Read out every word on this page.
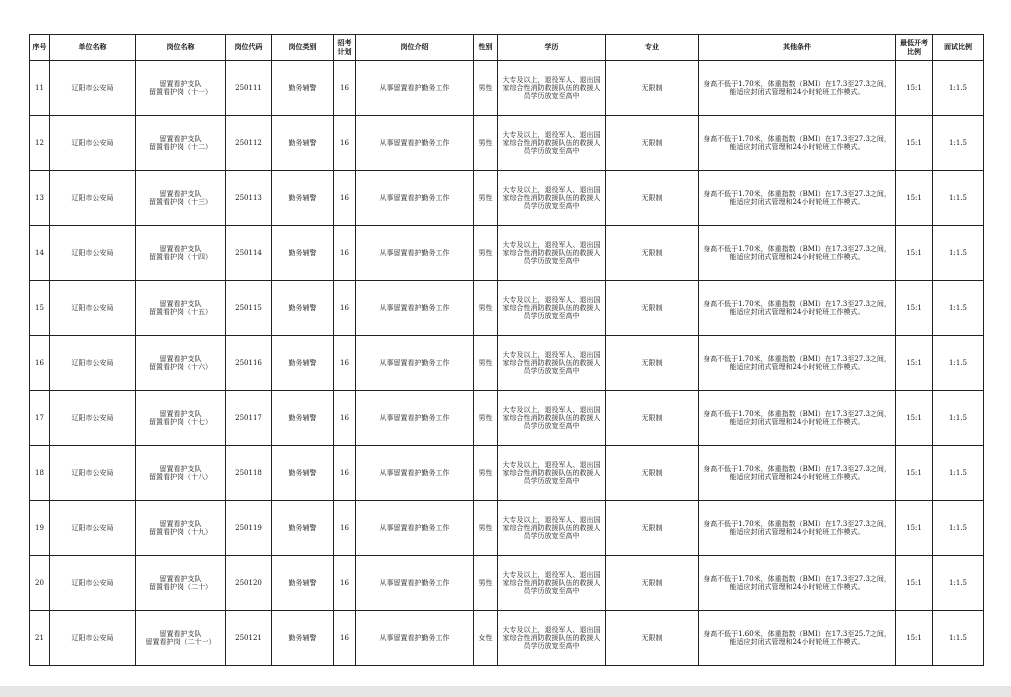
序号	单位名称	岗位名称	岗位代码	岗位类别	招考
计划	岗位介绍	性别	学历	专业	其他条件	最低开考
比例	面试比例
11	辽阳市公安局	留置看护支队
留置看护岗（十一）	250111	勤务辅警	16	从事留置看护勤务工作	男性	大专及以上，退役军人、退出国家综合性消防救援队伍的救援人员学历放宽至高中	无限制	身高不低于1.70米，体重指数（BMI）在17.3至27.3之间，能适应封闭式管理和24小时轮班工作模式。	15:1	1:1.5
12	辽阳市公安局	留置看护支队
留置看护岗（十二）	250112	勤务辅警	16	从事留置看护勤务工作	男性	大专及以上，退役军人、退出国家综合性消防救援队伍的救援人员学历放宽至高中	无限制	身高不低于1.70米，体重指数（BMI）在17.3至27.3之间，能适应封闭式管理和24小时轮班工作模式。	15:1	1:1.5
13	辽阳市公安局	留置看护支队
留置看护岗（十三）	250113	勤务辅警	16	从事留置看护勤务工作	男性	大专及以上，退役军人、退出国家综合性消防救援队伍的救援人员学历放宽至高中	无限制	身高不低于1.70米，体重指数（BMI）在17.3至27.3之间，能适应封闭式管理和24小时轮班工作模式。	15:1	1:1.5
14	辽阳市公安局	留置看护支队
留置看护岗（十四）	250114	勤务辅警	16	从事留置看护勤务工作	男性	大专及以上，退役军人、退出国家综合性消防救援队伍的救援人员学历放宽至高中	无限制	身高不低于1.70米，体重指数（BMI）在17.3至27.3之间，能适应封闭式管理和24小时轮班工作模式。	15:1	1:1.5
15	辽阳市公安局	留置看护支队
留置看护岗（十五）	250115	勤务辅警	16	从事留置看护勤务工作	男性	大专及以上，退役军人、退出国家综合性消防救援队伍的救援人员学历放宽至高中	无限制	身高不低于1.70米，体重指数（BMI）在17.3至27.3之间，能适应封闭式管理和24小时轮班工作模式。	15:1	1:1.5
16	辽阳市公安局	留置看护支队
留置看护岗（十六）	250116	勤务辅警	16	从事留置看护勤务工作	男性	大专及以上，退役军人、退出国家综合性消防救援队伍的救援人员学历放宽至高中	无限制	身高不低于1.70米，体重指数（BMI）在17.3至27.3之间，能适应封闭式管理和24小时轮班工作模式。	15:1	1:1.5
17	辽阳市公安局	留置看护支队
留置看护岗（十七）	250117	勤务辅警	16	从事留置看护勤务工作	男性	大专及以上，退役军人、退出国家综合性消防救援队伍的救援人员学历放宽至高中	无限制	身高不低于1.70米，体重指数（BMI）在17.3至27.3之间，能适应封闭式管理和24小时轮班工作模式。	15:1	1:1.5
18	辽阳市公安局	留置看护支队
留置看护岗（十八）	250118	勤务辅警	16	从事留置看护勤务工作	男性	大专及以上，退役军人、退出国家综合性消防救援队伍的救援人员学历放宽至高中	无限制	身高不低于1.70米，体重指数（BMI）在17.3至27.3之间，能适应封闭式管理和24小时轮班工作模式。	15:1	1:1.5
19	辽阳市公安局	留置看护支队
留置看护岗（十九）	250119	勤务辅警	16	从事留置看护勤务工作	男性	大专及以上，退役军人、退出国家综合性消防救援队伍的救援人员学历放宽至高中	无限制	身高不低于1.70米，体重指数（BMI）在17.3至27.3之间，能适应封闭式管理和24小时轮班工作模式。	15:1	1:1.5
20	辽阳市公安局	留置看护支队
留置看护岗（二十）	250120	勤务辅警	16	从事留置看护勤务工作	男性	大专及以上，退役军人、退出国家综合性消防救援队伍的救援人员学历放宽至高中	无限制	身高不低于1.70米，体重指数（BMI）在17.3至27.3之间，能适应封闭式管理和24小时轮班工作模式。	15:1	1:1.5
21	辽阳市公安局	留置看护支队
留置看护岗（二十一）	250121	勤务辅警	16	从事留置看护勤务工作	女性	大专及以上，退役军人、退出国家综合性消防救援队伍的救援人员学历放宽至高中	无限制	身高不低于1.60米，体重指数（BMI）在17.3至25.7之间，能适应封闭式管理和24小时轮班工作模式。	15:1	1:1.5
